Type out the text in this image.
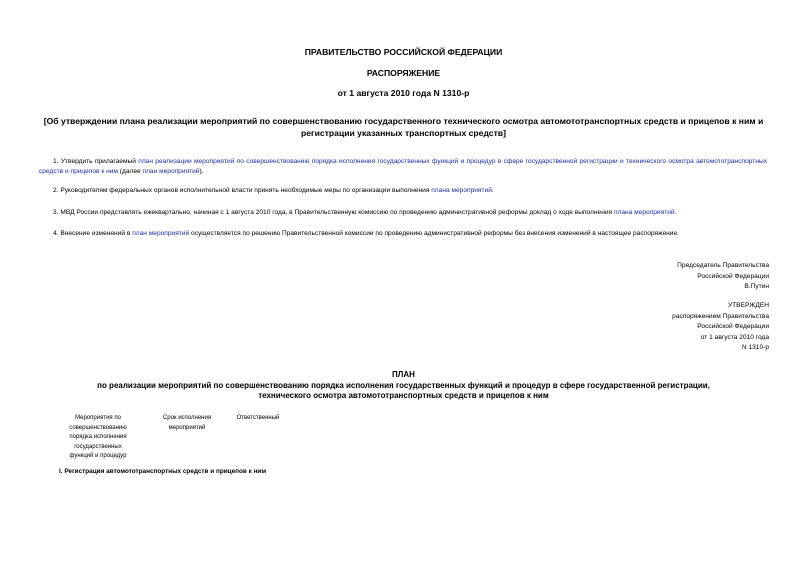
ПРАВИТЕЛЬСТВО РОССИЙСКОЙ ФЕДЕРАЦИИ
РАСПОРЯЖЕНИЕ
от 1 августа 2010 года N 1310-р
[Об утверждении плана реализации мероприятий по совершенствованию государственного технического осмотра автомототранспортных средств и прицепов к ним и регистрации указанных транспортных средств]
1. Утвердить прилагаемый план реализации мероприятий по совершенствованию порядка исполнения государственных функций и процедур в сфере государственной регистрации и технического осмотра автомототранспортных средств и прицепов к ним (далее план мероприятий).
2. Руководителям федеральных органов исполнительной власти принять необходимые меры по организации выполнения плана мероприятий.
3. МВД России представлять ежеквартально, начиная с 1 августа 2010 года, в Правительственную комиссию по проведению административной реформы доклад о ходе выполнения плана мероприятий.
4. Внесение изменений в план мероприятий осуществляется по решению Правительственной комиссии по проведению административной реформы без внесения изменений в настоящее распоряжение.
Председатель Правительства
Российской Федерации
В.Путин
УТВЕРЖДЕН
распоряжением Правительства
Российской Федерации
от 1 августа 2010 года
N 1310-р
ПЛАН
по реализации мероприятий по совершенствованию порядка исполнения государственных функций и процедур в сфере государственной регистрации,
технического осмотра автомототранспортных средств и прицепов к ним
Мероприятия по
совершенствованию
порядка исполнения
государственных
функций и процедур
Срок исполнения
мероприятий
Ответственный
I. Регистрация автомототранспортных средств и прицепов к ним
